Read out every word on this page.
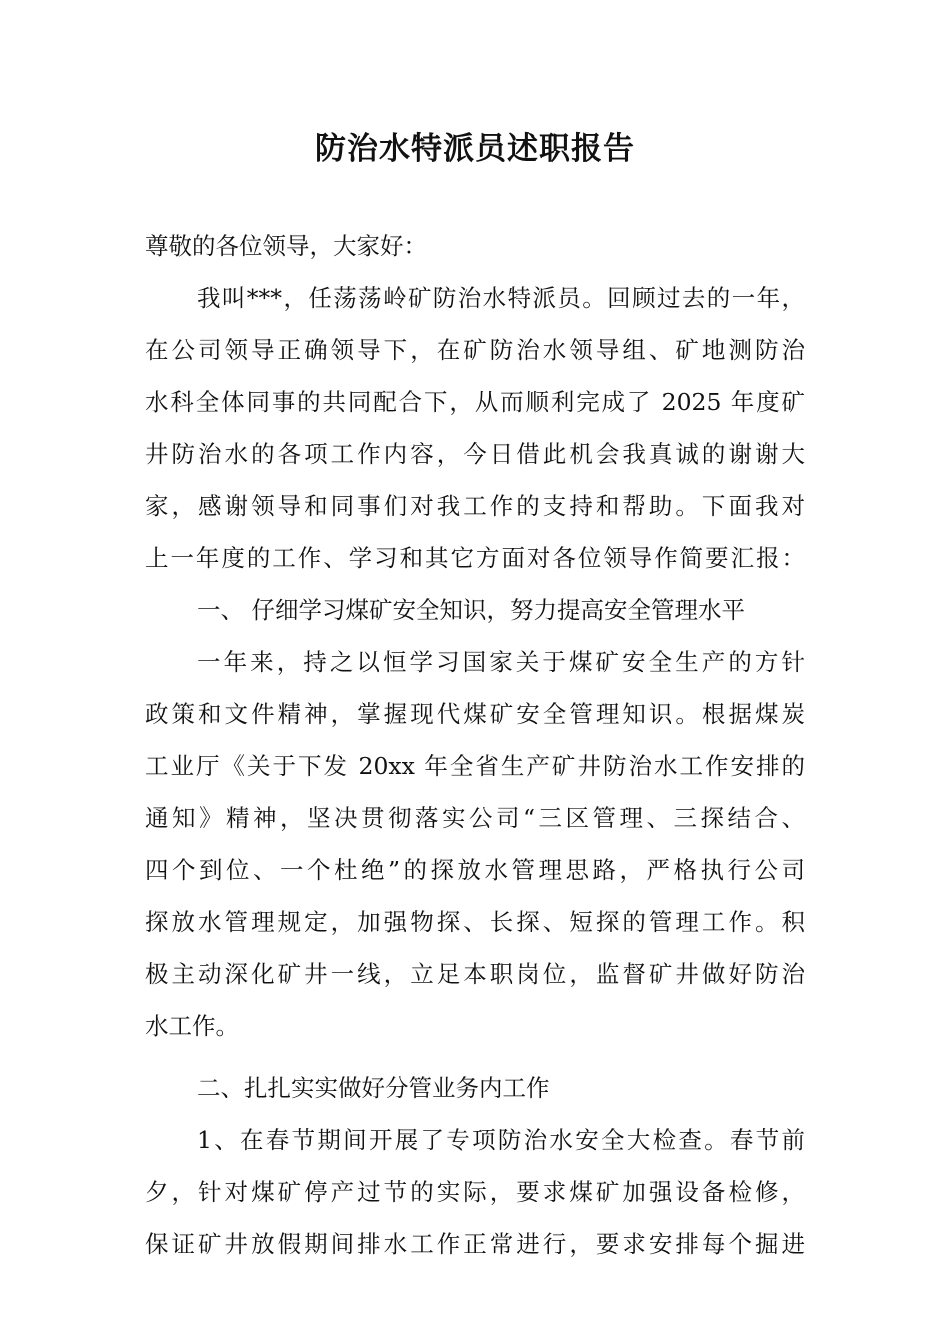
防治水特派员述职报告
尊敬的各位领导，大家好：
我叫***，任荡荡岭矿防治水特派员。回顾过去的一年，
在公司领导正确领导下，在矿防治水领导组、矿地测防治
水科全体同事的共同配合下，从而顺利完成了 2025 年度矿
井防治水的各项工作内容，今日借此机会我真诚的谢谢大
家，感谢领导和同事们对我工作的支持和帮助。下面我对
上一年度的工作、学习和其它方面对各位领导作简要汇报：
一、 仔细学习煤矿安全知识，努力提高安全管理水平
一年来，持之以恒学习国家关于煤矿安全生产的方针
政策和文件精神，掌握现代煤矿安全管理知识。根据煤炭
工业厅《关于下发 20xx 年全省生产矿井防治水工作安排的
通知》精神，坚决贯彻落实公司“三区管理、三探结合、
四个到位、一个杜绝”的探放水管理思路，严格执行公司
探放水管理规定，加强物探、长探、短探的管理工作。积
极主动深化矿井一线，立足本职岗位，监督矿井做好防治
水工作。
二、扎扎实实做好分管业务内工作
1、在春节期间开展了专项防治水安全大检查。春节前
夕，针对煤矿停产过节的实际，要求煤矿加强设备检修，
保证矿井放假期间排水工作正常进行，要求安排每个掘进
